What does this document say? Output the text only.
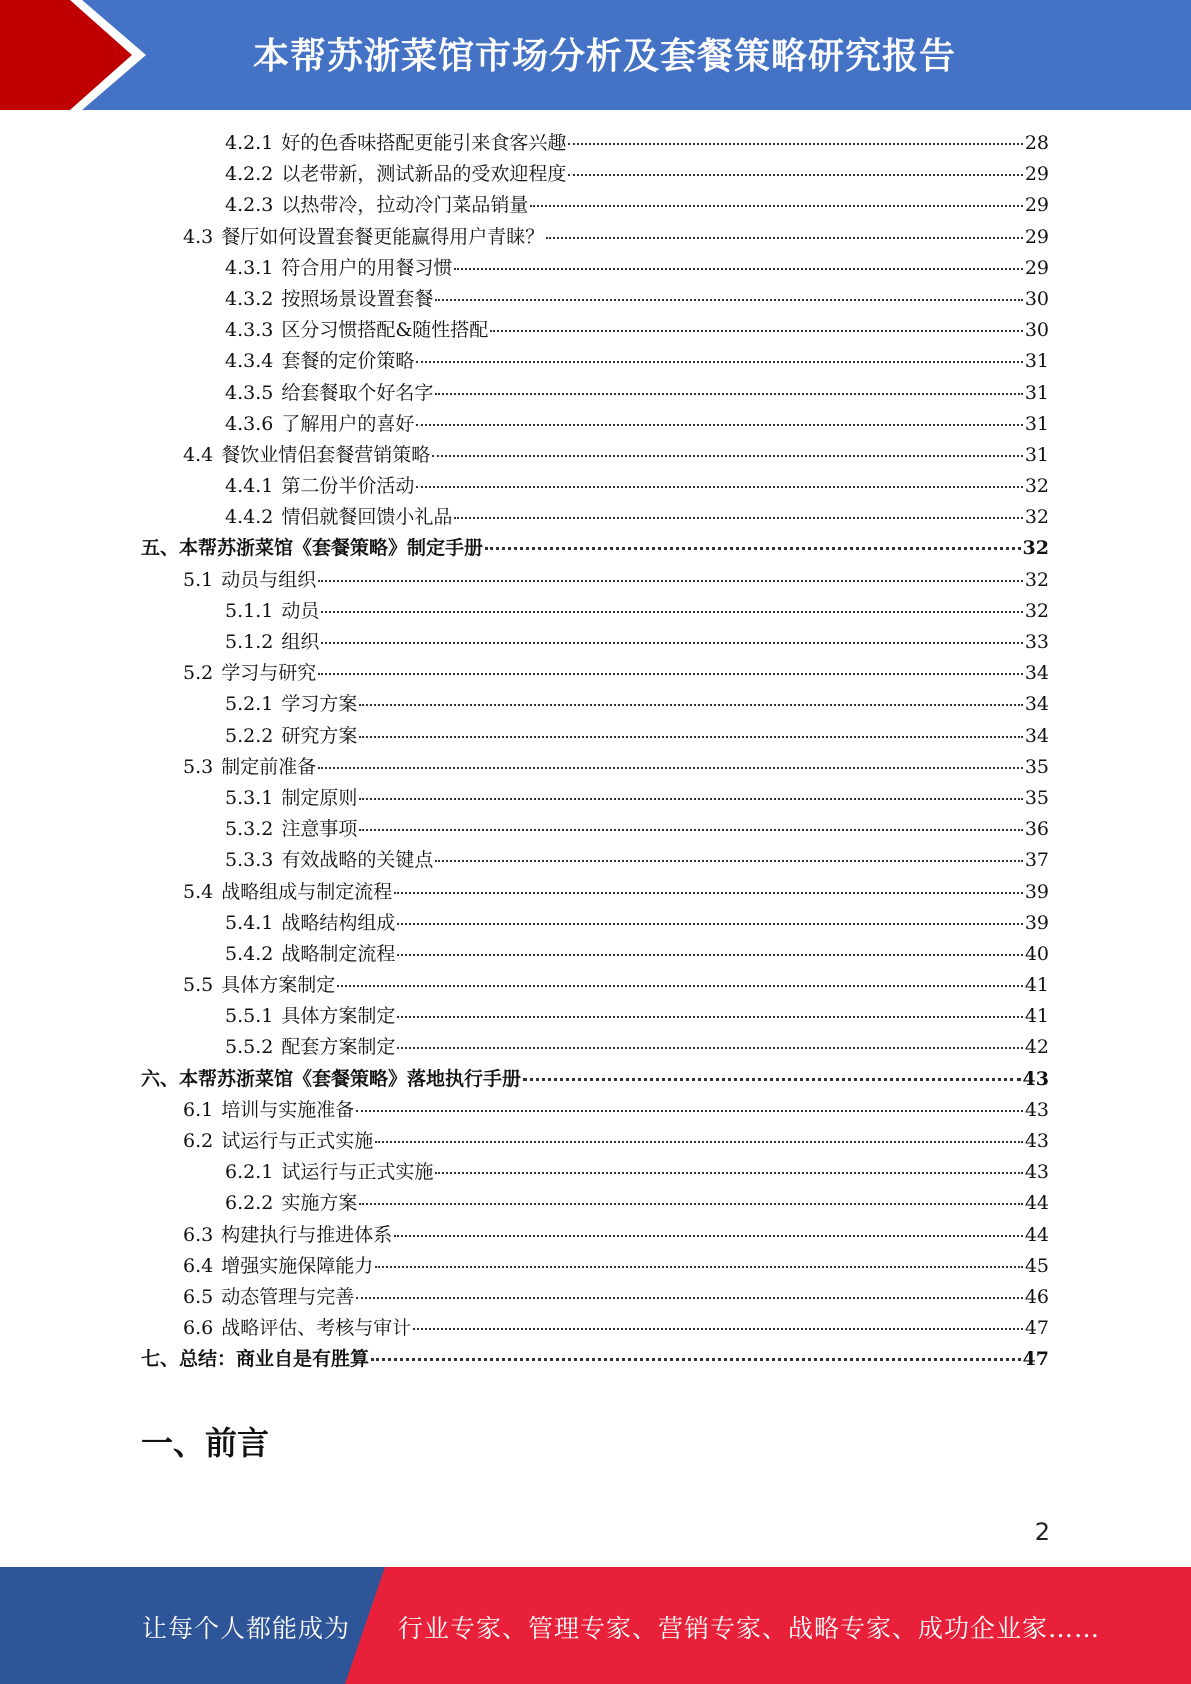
本帮苏浙菜馆市场分析及套餐策略研究报告
4.2.1 好的色香味搭配更能引来食客兴趣	28
4.2.2 以老带新，测试新品的受欢迎程度	29
4.2.3 以热带冷，拉动冷门菜品销量	29
4.3 餐厅如何设置套餐更能赢得用户青睐？	29
4.3.1 符合用户的用餐习惯	29
4.3.2 按照场景设置套餐	30
4.3.3 区分习惯搭配&随性搭配	30
4.3.4 套餐的定价策略	31
4.3.5 给套餐取个好名字	31
4.3.6 了解用户的喜好	31
4.4 餐饮业情侣套餐营销策略	31
4.4.1 第二份半价活动	32
4.4.2 情侣就餐回馈小礼品	32
五、本帮苏浙菜馆《套餐策略》制定手册	32
5.1 动员与组织	32
5.1.1 动员	32
5.1.2 组织	33
5.2 学习与研究	34
5.2.1 学习方案	34
5.2.2 研究方案	34
5.3 制定前准备	35
5.3.1 制定原则	35
5.3.2 注意事项	36
5.3.3 有效战略的关键点	37
5.4 战略组成与制定流程	39
5.4.1 战略结构组成	39
5.4.2 战略制定流程	40
5.5 具体方案制定	41
5.5.1 具体方案制定	41
5.5.2 配套方案制定	42
六、本帮苏浙菜馆《套餐策略》落地执行手册	43
6.1 培训与实施准备	43
6.2 试运行与正式实施	43
6.2.1 试运行与正式实施	43
6.2.2 实施方案	44
6.3 构建执行与推进体系	44
6.4 增强实施保障能力	45
6.5 动态管理与完善	46
6.6 战略评估、考核与审计	47
七、总结：商业自是有胜算	47
一、前言
2
让每个人都能成为 行业专家、管理专家、营销专家、战略专家、成功企业家……
